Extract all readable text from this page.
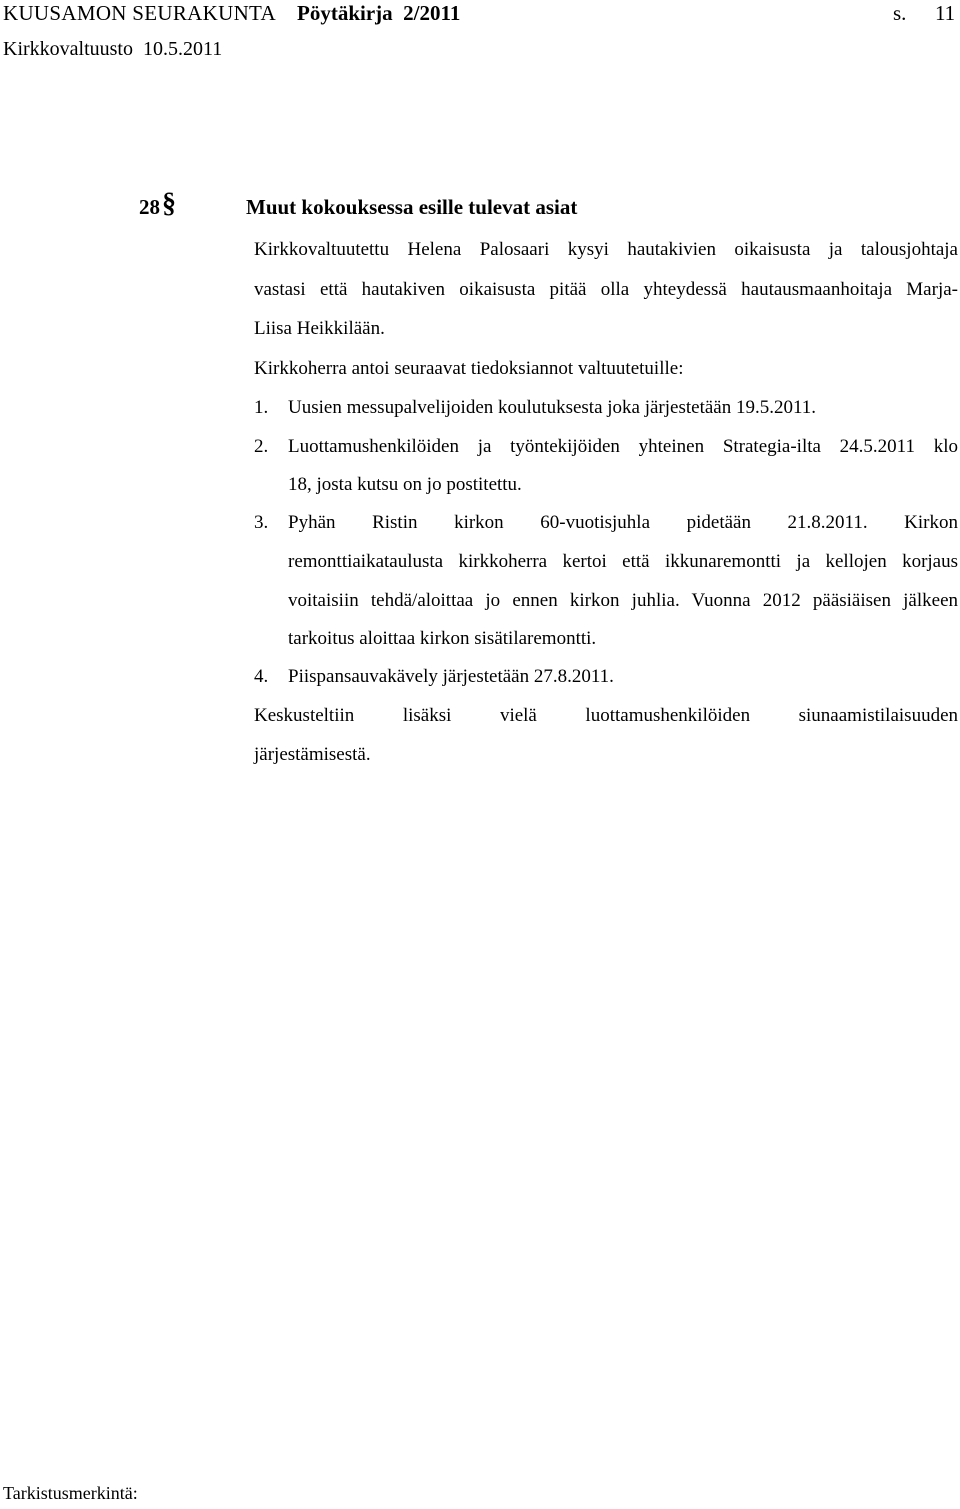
KUUSAMON SEURAKUNTA Pöytäkirja  2/2011	s. 11
Kirkkovaltuusto  10.5.2011
28 §	Muut kokouksessa esille tulevat asiat
Kirkkovaltuutettu Helena Palosaari kysyi hautakivien oikaisusta ja talousjohtaja
vastasi että hautakiven oikaisusta pitää olla yhteydessä hautausmaanhoitaja Marja-
Liisa Heikkilään.
Kirkkoherra antoi seuraavat tiedoksiannot valtuutetuille:
1. Uusien messupalvelijoiden koulutuksesta joka järjestetään 19.5.2011.
2. Luottamushenkilöiden ja työntekijöiden yhteinen Strategia-ilta 24.5.2011 klo
18, josta kutsu on jo postitettu.
3. Pyhän Ristin kirkon 60-vuotisjuhla pidetään 21.8.2011. Kirkon
remonttiaikataulusta kirkkoherra kertoi että ikkunaremontti ja kellojen korjaus
voitaisiin tehdä/aloittaa jo ennen kirkon juhlia. Vuonna 2012 pääsiäisen jälkeen
tarkoitus aloittaa kirkon sisätilaremontti.
4. Piispansauvakävely järjestetään 27.8.2011.
Keskusteltiin lisäksi vielä luottamushenkilöiden siunaamistilaisuuden
järjestämisestä.
Tarkistusmerkintä:
